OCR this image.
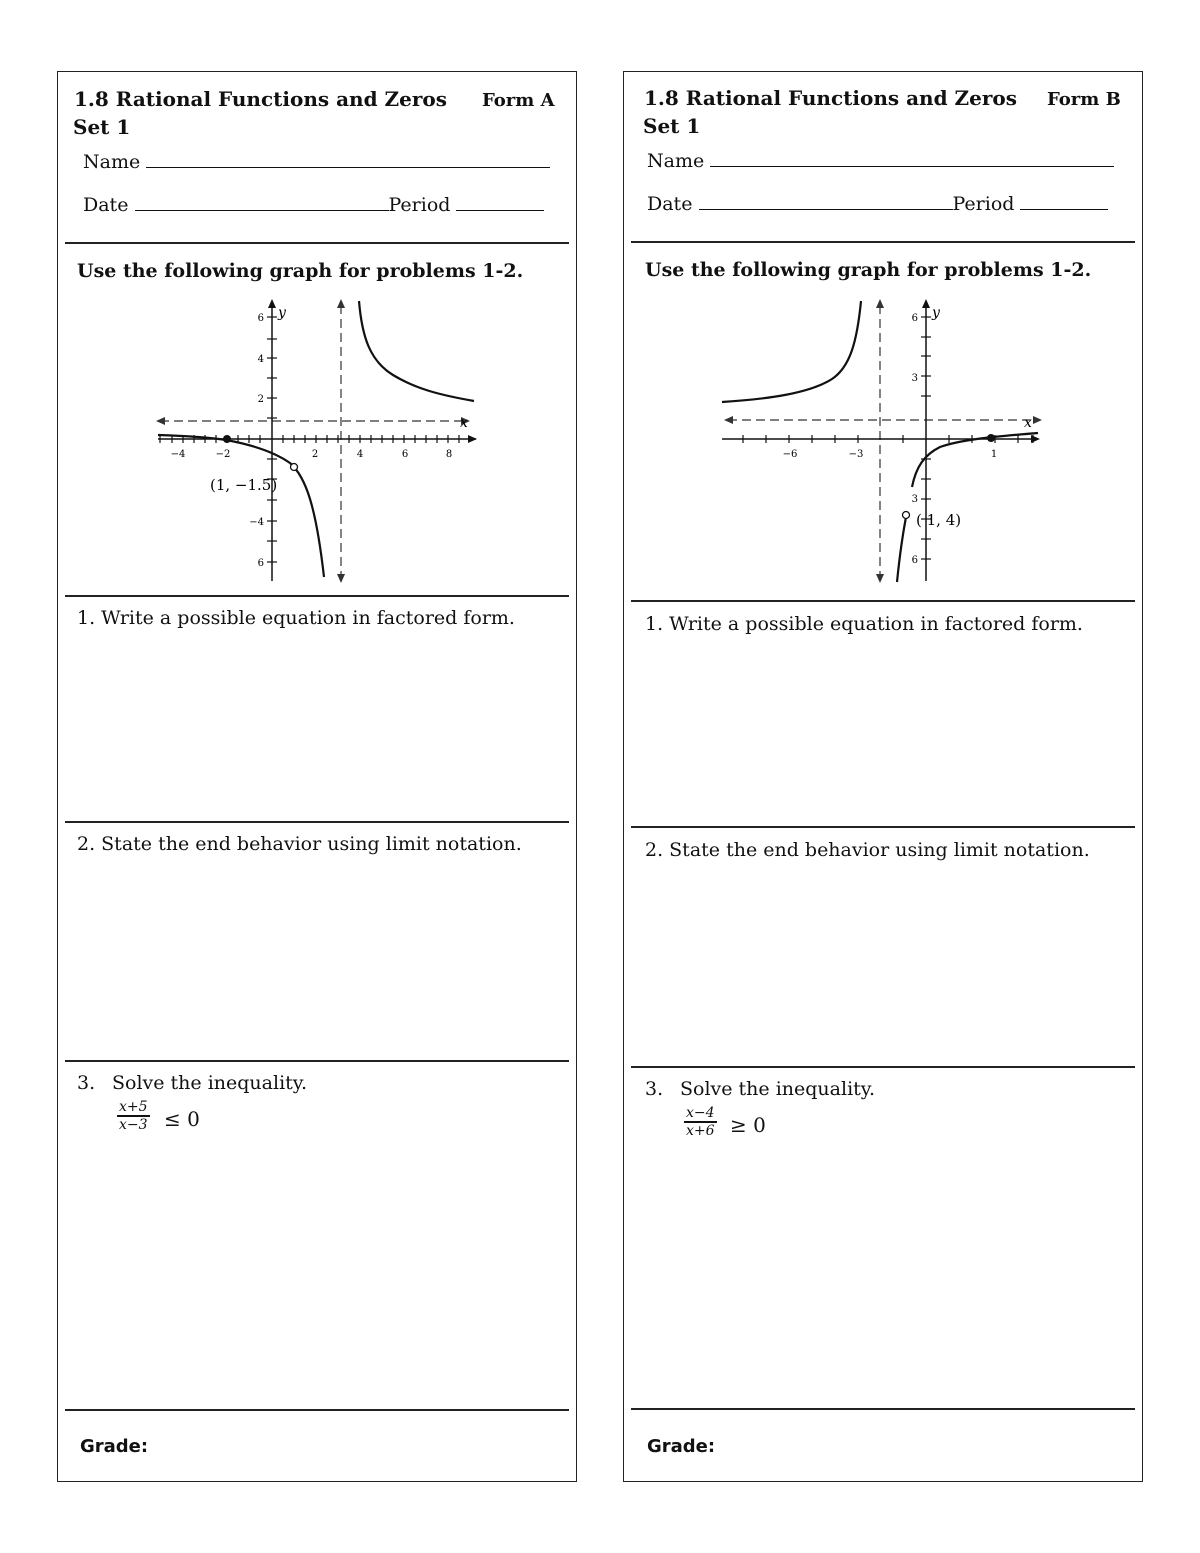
1.8 Rational Functions and Zeros Form A
Set 1
Name
Date	Period
Use the following graph for problems 1-2.
−4	−2	2	4	6	8
6
4
2
−4
6
y
x
(1, −1.5)
1. Write a possible equation in factored form.
2. State the end behavior using limit notation.
3. Solve the inequality.
$\frac{x+5}{x-3} \le 0$
Grade:
1.8 Rational Functions and Zeros Form B
Set 1
Name
Date	Period
Use the following graph for problems 1-2.
−6	−3	1
6
3
3
6
y
x
( 1, 4)
1. Write a possible equation in factored form.
2. State the end behavior using limit notation.
3. Solve the inequality.
$\frac{x-4}{x+6} \ge 0$
Grade:
